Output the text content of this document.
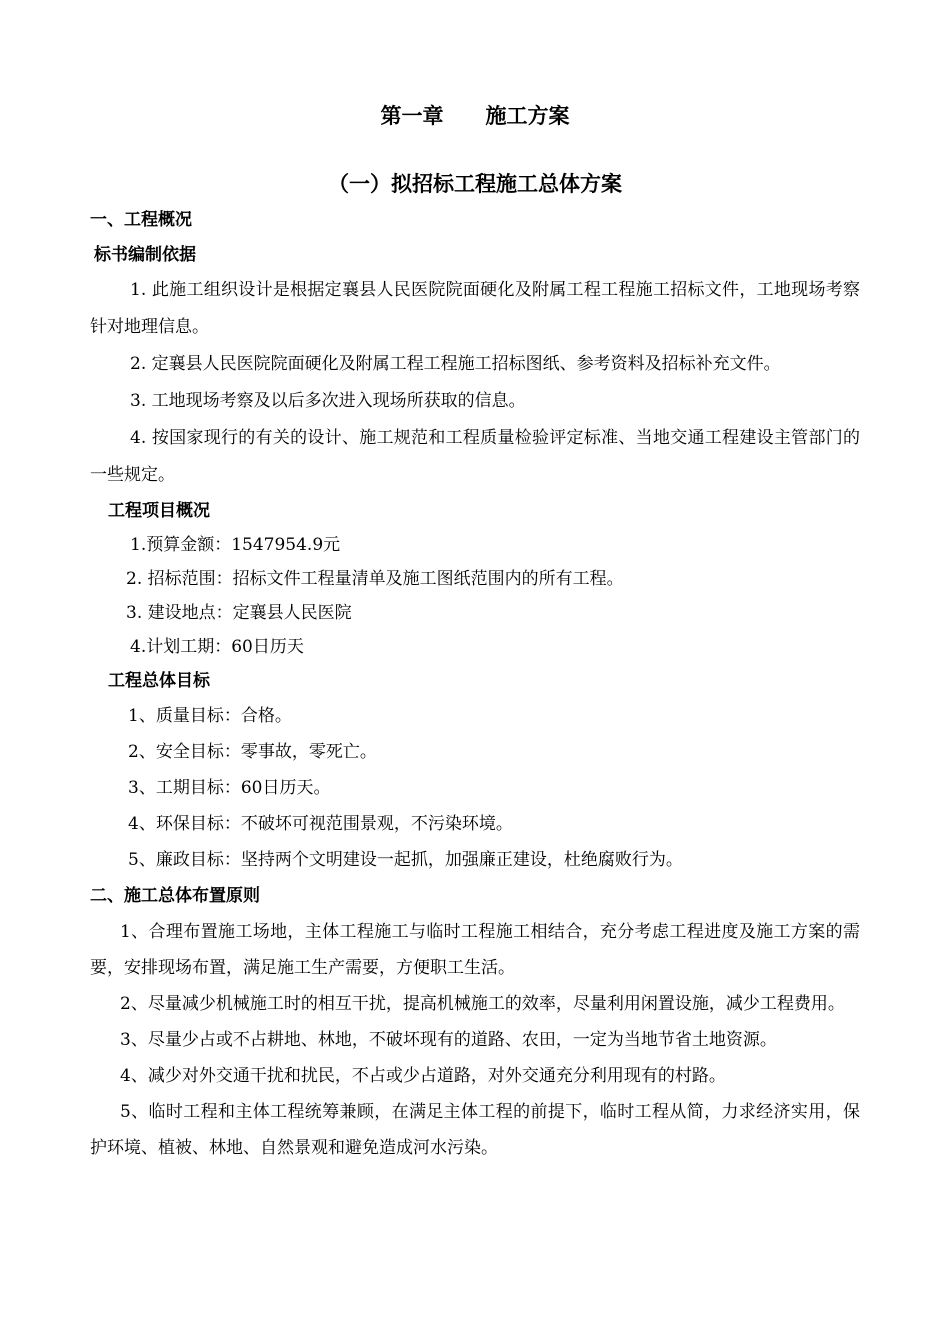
第一章　　施工方案
（一）拟招标工程施工总体方案
一、工程概况
标书编制依据

1. 此施工组织设计是根据定襄县人民医院院面硬化及附属工程工程施工招标文件，工地现场考察针对地理信息。

2. 定襄县人民医院院面硬化及附属工程工程施工招标图纸、参考资料及招标补充文件。

3. 工地现场考察及以后多次进入现场所获取的信息。

4. 按国家现行的有关的设计、施工规范和工程质量检验评定标准、当地交通工程建设主管部门的一些规定。

工程项目概况

1.预算金额：1547954.9元

2. 招标范围：招标文件工程量清单及施工图纸范围内的所有工程。

3. 建设地点：定襄县人民医院

4.计划工期：60日历天

工程总体目标

1、质量目标：合格。

2、安全目标：零事故，零死亡。

3、工期目标：60日历天。

4、环保目标：不破坏可视范围景观，不污染环境。

5、廉政目标：坚持两个文明建设一起抓，加强廉正建设，杜绝腐败行为。

二、施工总体布置原则

1、合理布置施工场地，主体工程施工与临时工程施工相结合，充分考虑工程进度及施工方案的需要，安排现场布置，满足施工生产需要，方便职工生活。

2、尽量减少机械施工时的相互干扰，提高机械施工的效率，尽量利用闲置设施，减少工程费用。

3、尽量少占或不占耕地、林地，不破坏现有的道路、农田，一定为当地节省土地资源。

4、减少对外交通干扰和扰民，不占或少占道路，对外交通充分利用现有的村路。

5、临时工程和主体工程统筹兼顾，在满足主体工程的前提下，临时工程从简，力求经济实用，保护环境、植被、林地、自然景观和避免造成河水污染。
